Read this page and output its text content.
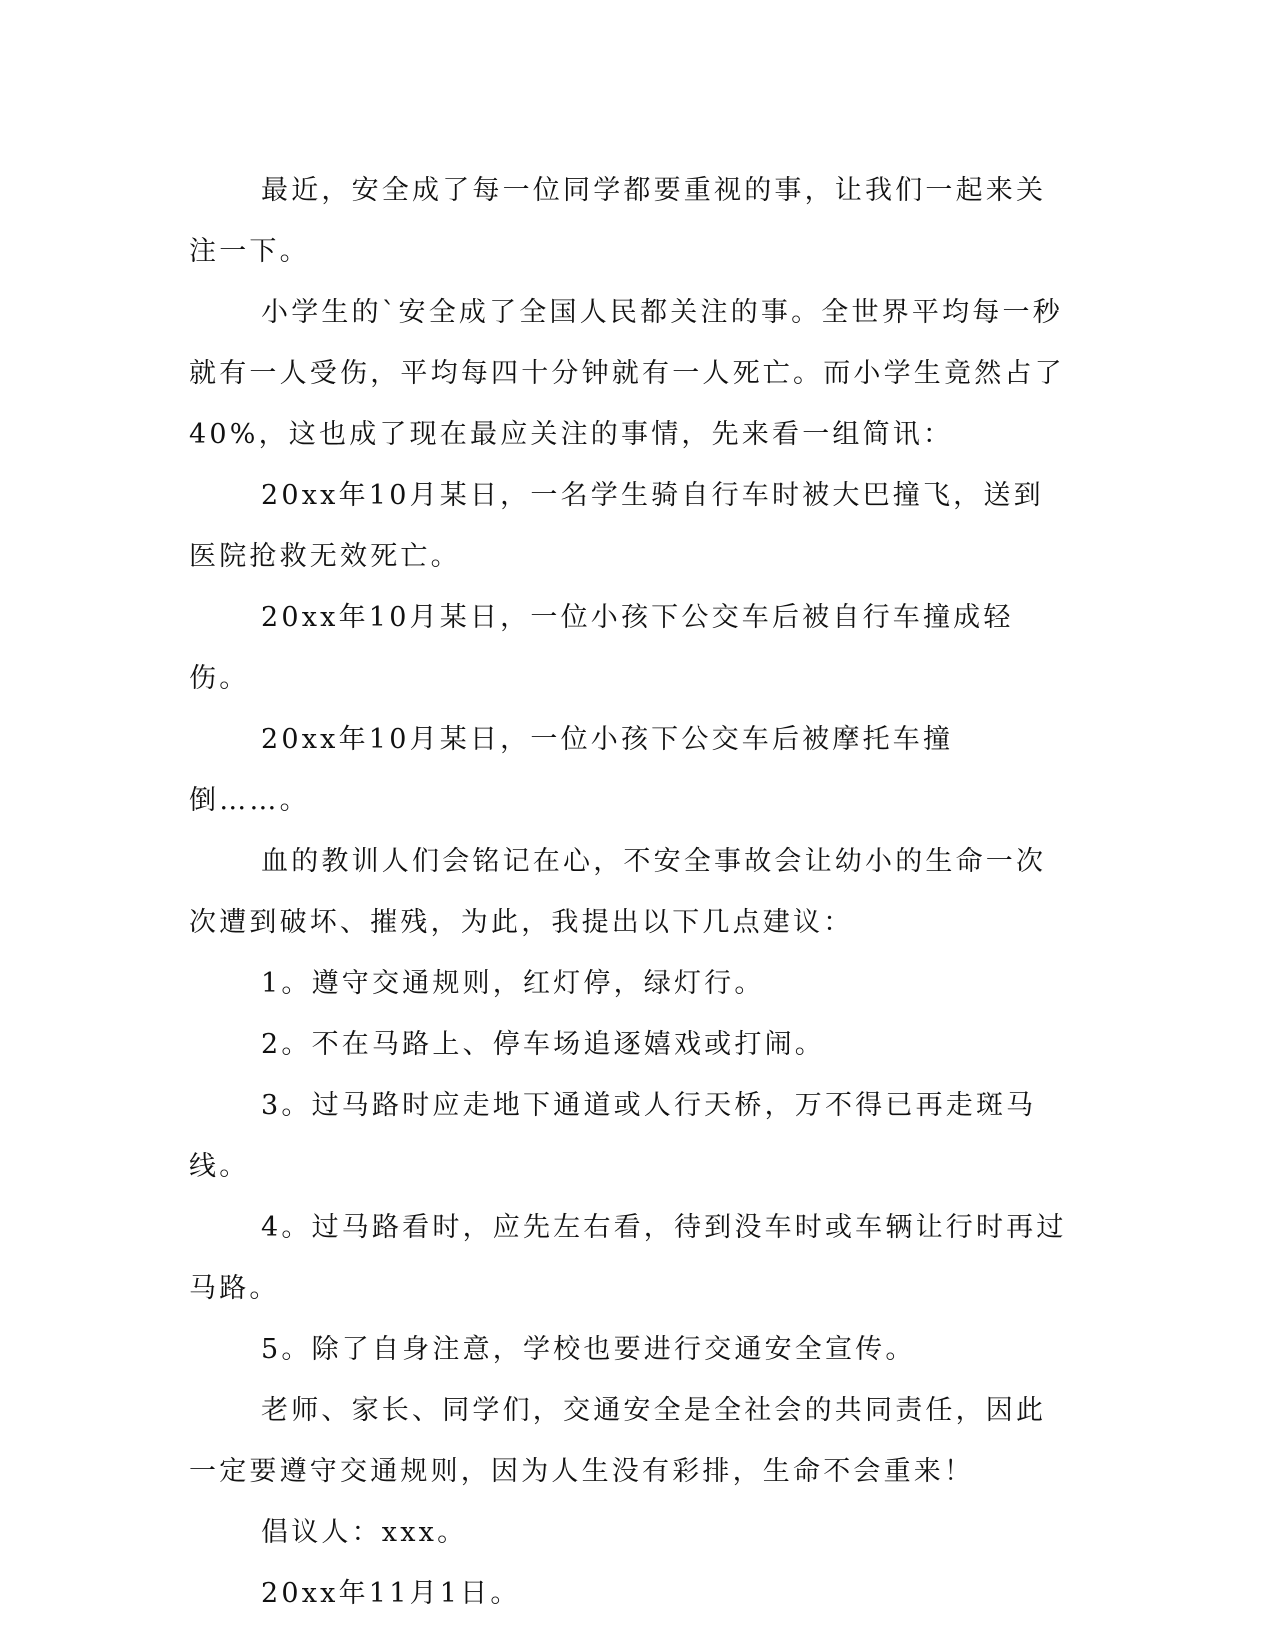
最近，安全成了每一位同学都要重视的事，让我们一起来关注一下。

小学生的`安全成了全国人民都关注的事。全世界平均每一秒就有一人受伤，平均每四十分钟就有一人死亡。而小学生竟然占了40%，这也成了现在最应关注的事情，先来看一组简讯：

20xx年10月某日，一名学生骑自行车时被大巴撞飞，送到医院抢救无效死亡。

20xx年10月某日，一位小孩下公交车后被自行车撞成轻伤。

20xx年10月某日，一位小孩下公交车后被摩托车撞倒……。

血的教训人们会铭记在心，不安全事故会让幼小的生命一次次遭到破坏、摧残，为此，我提出以下几点建议：

1。遵守交通规则，红灯停，绿灯行。

2。不在马路上、停车场追逐嬉戏或打闹。

3。过马路时应走地下通道或人行天桥，万不得已再走斑马线。

4。过马路看时，应先左右看，待到没车时或车辆让行时再过马路。

5。除了自身注意，学校也要进行交通安全宣传。

老师、家长、同学们，交通安全是全社会的共同责任，因此一定要遵守交通规则，因为人生没有彩排，生命不会重来！

倡议人：xxx。

20xx年11月1日。
